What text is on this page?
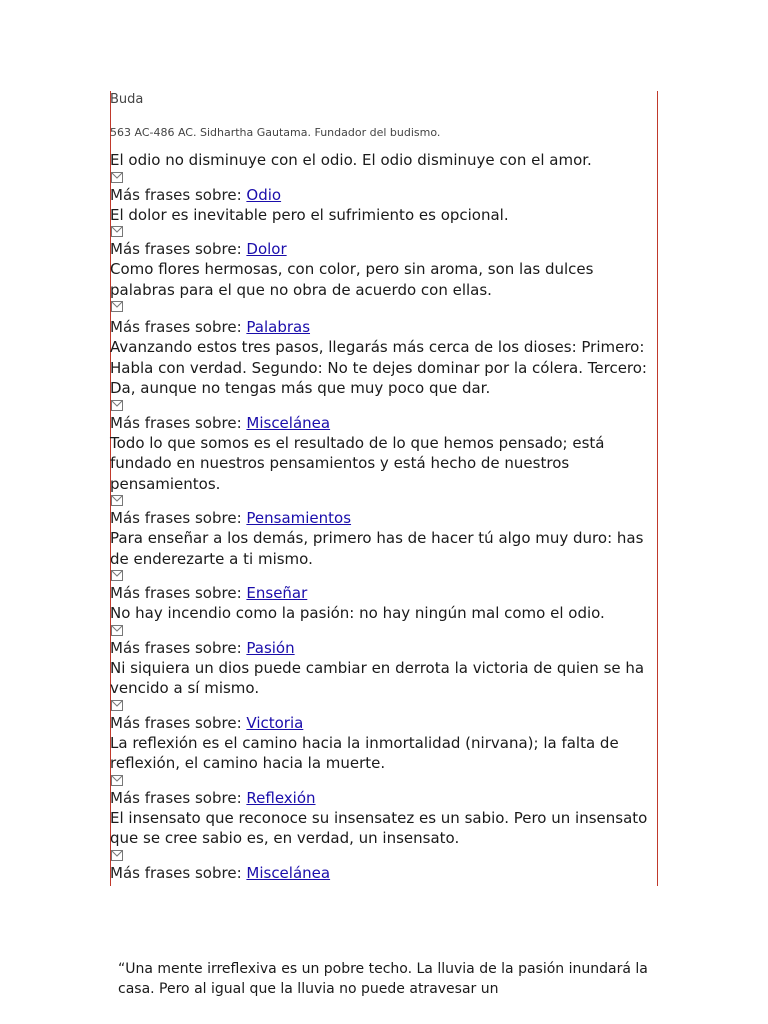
Buda

563 AC-486 AC. Sidhartha Gautama. Fundador del budismo.

El odio no disminuye con el odio. El odio disminuye con el amor.

Más frases sobre: Odio

El dolor es inevitable pero el sufrimiento es opcional.

Más frases sobre: Dolor

Como flores hermosas, con color, pero sin aroma, son las dulces palabras para el que no obra de acuerdo con ellas.

Más frases sobre: Palabras

Avanzando estos tres pasos, llegarás más cerca de los dioses: Primero: Habla con verdad. Segundo: No te dejes dominar por la cólera. Tercero: Da, aunque no tengas más que muy poco que dar.

Más frases sobre: Miscelánea

Todo lo que somos es el resultado de lo que hemos pensado; está fundado en nuestros pensamientos y está hecho de nuestros pensamientos.

Más frases sobre: Pensamientos

Para enseñar a los demás, primero has de hacer tú algo muy duro: has de enderezarte a ti mismo.

Más frases sobre: Enseñar

No hay incendio como la pasión: no hay ningún mal como el odio.

Más frases sobre: Pasión

Ni siquiera un dios puede cambiar en derrota la victoria de quien se ha vencido a sí mismo.

Más frases sobre: Victoria

La reflexión es el camino hacia la inmortalidad (nirvana); la falta de reflexión, el camino hacia la muerte.

Más frases sobre: Reflexión

El insensato que reconoce su insensatez es un sabio. Pero un insensato que se cree sabio es, en verdad, un insensato.

Más frases sobre: Miscelánea

“Una mente irreflexiva es un pobre techo. La lluvia de la pasión inundará la casa. Pero al igual que la lluvia no puede atravesar un
